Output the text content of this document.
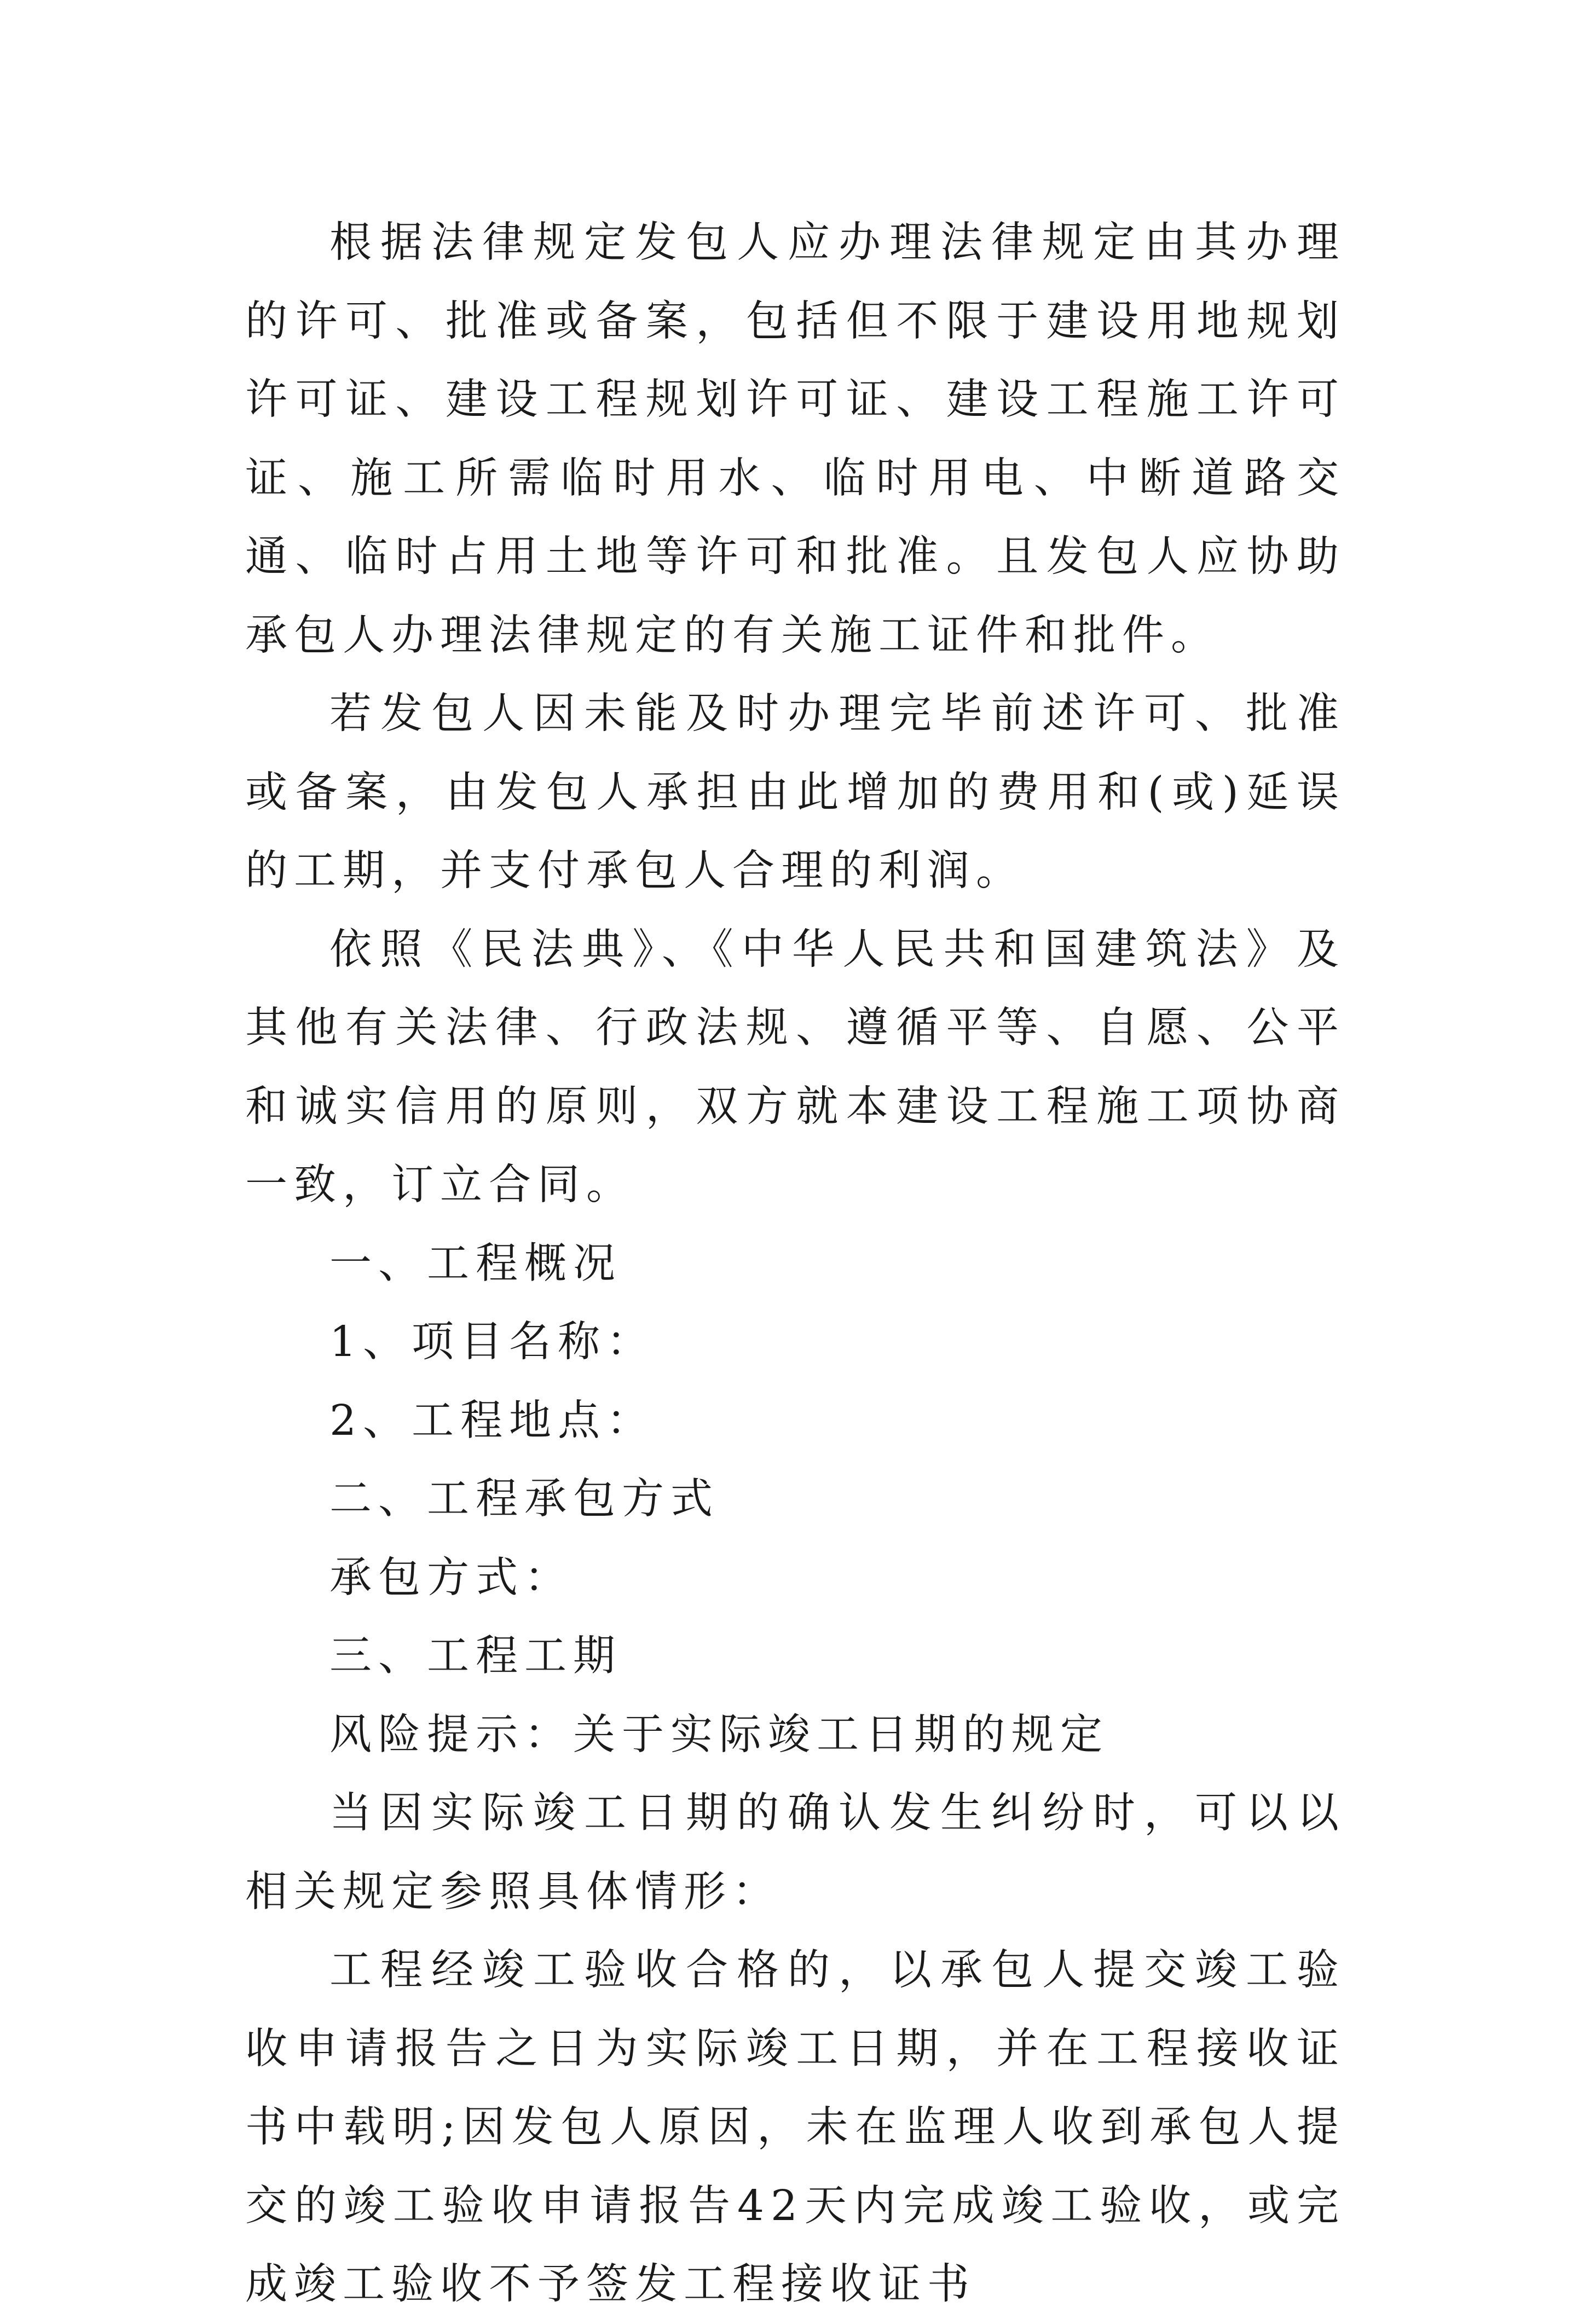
根据法律规定发包人应办理法律规定由其办理的许可、批准或备案，包括但不限于建设用地规划许可证、建设工程规划许可证、建设工程施工许可证、施工所需临时用水、临时用电、中断道路交通、临时占用土地等许可和批准。且发包人应协助承包人办理法律规定的有关施工证件和批件。

若发包人因未能及时办理完毕前述许可、批准或备案，由发包人承担由此增加的费用和(或)延误的工期，并支付承包人合理的利润。

依照《民法典》、《中华人民共和国建筑法》及其他有关法律、行政法规、遵循平等、自愿、公平和诚实信用的原则，双方就本建设工程施工项协商一致，订立合同。

一、工程概况

1、项目名称：

2、工程地点：

二、工程承包方式

承包方式：

三、工程工期

风险提示：关于实际竣工日期的规定

当因实际竣工日期的确认发生纠纷时，可以以相关规定参照具体情形：

工程经竣工验收合格的，以承包人提交竣工验收申请报告之日为实际竣工日期，并在工程接收证书中载明;因发包人原因，未在监理人收到承包人提交的竣工验收申请报告42天内完成竣工验收，或完成竣工验收不予签发工程接收证书
